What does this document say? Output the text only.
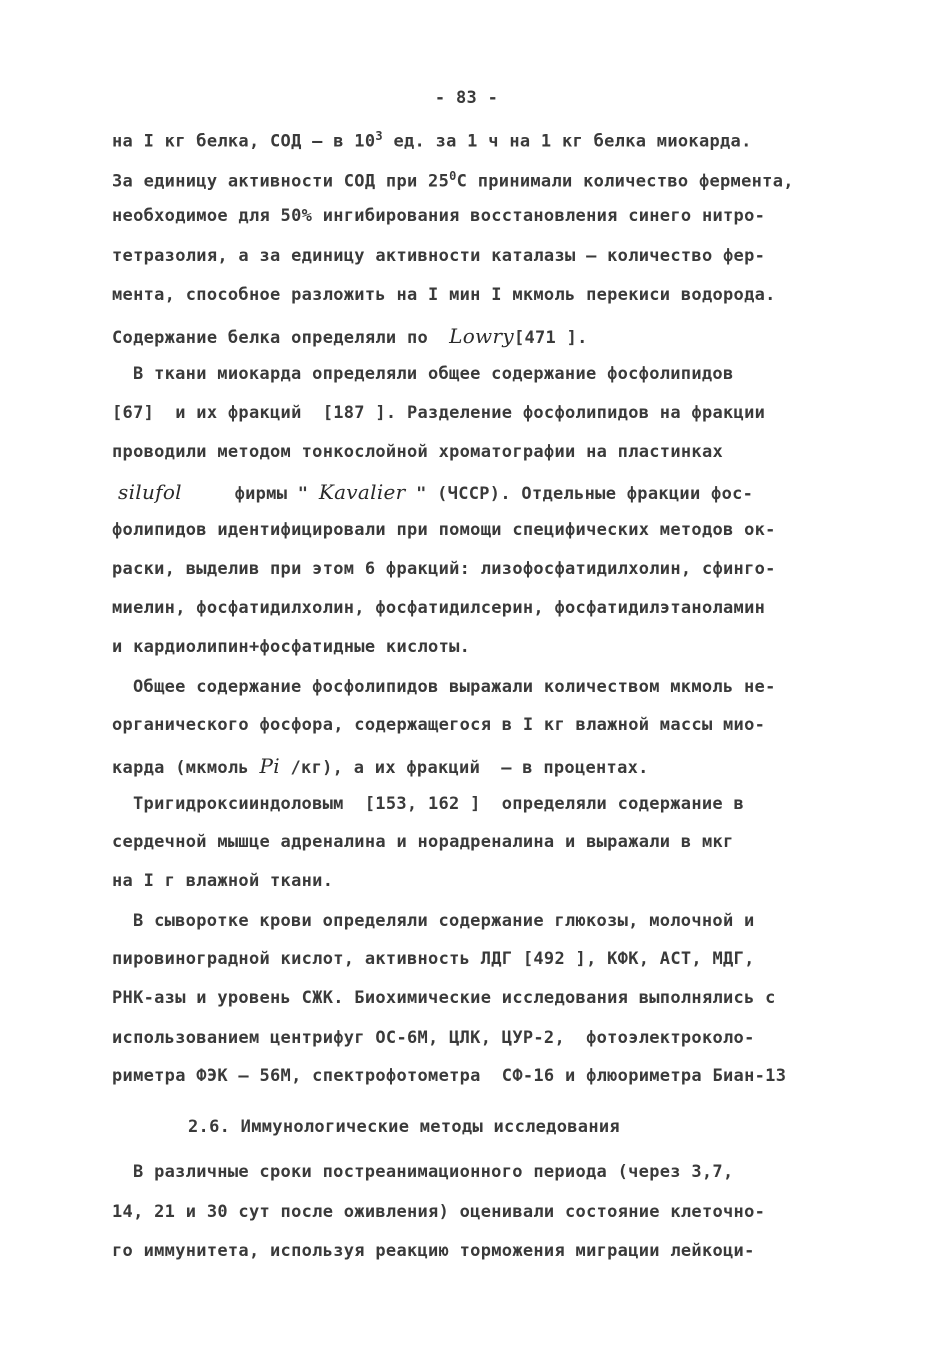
- 83 -
на I кг белка, СОД – в $10^3$ ед. за 1 ч на 1 кг белка миокарда.
За единицу активности СОД при $25^0С$ принимали количество фермента,
необходимое для 50% ингибирования восстановления синего нитро-
тетразолия, а за единицу активности каталазы – количество фер-
мента, способное разложить на I мин I мкмоль перекиси водорода.
Содержание белка определяли по  Lowry[471 ].
В ткани миокарда определяли общее содержание фосфолипидов
[67]  и их фракций  [187 ]. Разделение фосфолипидов на фракции
проводили методом тонкослойной хроматографии на пластинках
silufol     фирмы " Kavalier " (ЧССР). Отдельные фракции фос-
фолипидов идентифицировали при помощи специфических методов ок-
раски, выделив при этом 6 фракций: лизофосфатидилхолин, сфинго-
миелин, фосфатидилхолин, фосфатидилсерин, фосфатидилэтаноламин
и кардиолипин+фосфатидные кислоты.
Общее содержание фосфолипидов выражали количеством мкмоль не-
органического фосфора, содержащегося в I кг влажной массы мио-
карда (мкмоль Pi /кг), а их фракций  – в процентах.
Тригидроксииндоловым  [153, 162 ]  определяли содержание в
сердечной мышце адреналина и норадреналина и выражали в мкг
на I г влажной ткани.
В сыворотке крови определяли содержание глюкозы, молочной и
пировиноградной кислот, активность ЛДГ [492 ], КФК, АСТ, МДГ,
РНК-азы и уровень СЖК. Биохимические исследования выполнялись с
использованием центрифуг ОС-6М, ЦЛК, ЦУР-2,  фотоэлектроколо-
риметра ФЭК – 56М, спектрофотометра  СФ-16 и флюориметра Биан-13
2.6. Иммунологические методы исследования
В различные сроки постреанимационного периода (через 3,7,
14, 21 и 30 сут после оживления) оценивали состояние клеточно-
го иммунитета, используя реакцию торможения миграции лейкоци-
